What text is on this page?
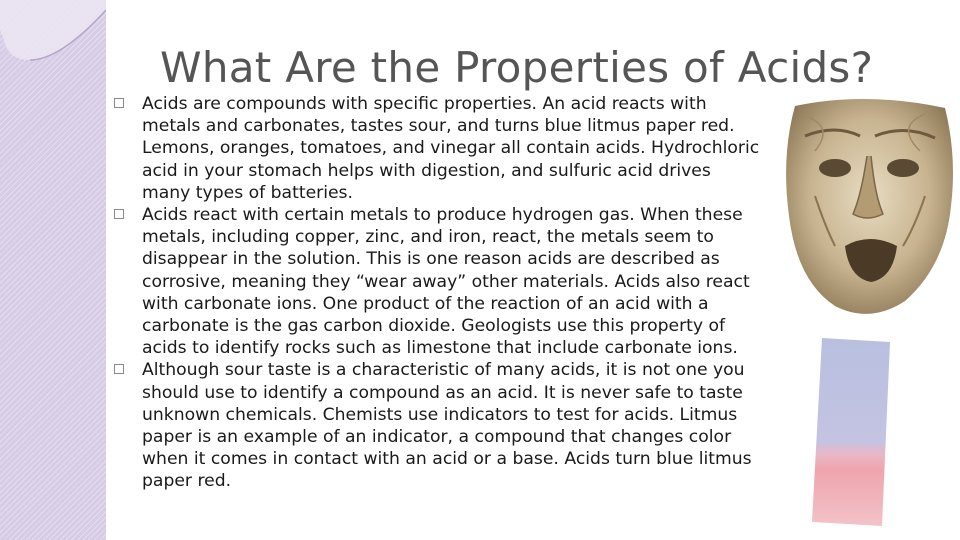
What Are the Properties of Acids?
Acids are compounds with specific properties. An acid reacts with metals and carbonates, tastes sour, and turns blue litmus paper red. Lemons, oranges, tomatoes, and vinegar all contain acids. Hydrochloric acid in your stomach helps with digestion, and sulfuric acid drives many types of batteries.
Acids react with certain metals to produce hydrogen gas. When these metals, including copper, zinc, and iron, react, the metals seem to disappear in the solution. This is one reason acids are described as corrosive, meaning they “wear away” other materials. Acids also react with carbonate ions. One product of the reaction of an acid with a carbonate is the gas carbon dioxide. Geologists use this property of acids to identify rocks such as limestone that include carbonate ions.
Although sour taste is a characteristic of many acids, it is not one you should use to identify a compound as an acid. It is never safe to taste unknown chemicals. Chemists use indicators to test for acids. Litmus paper is an example of an indicator, a compound that changes color when it comes in contact with an acid or a base. Acids turn blue litmus paper red.
